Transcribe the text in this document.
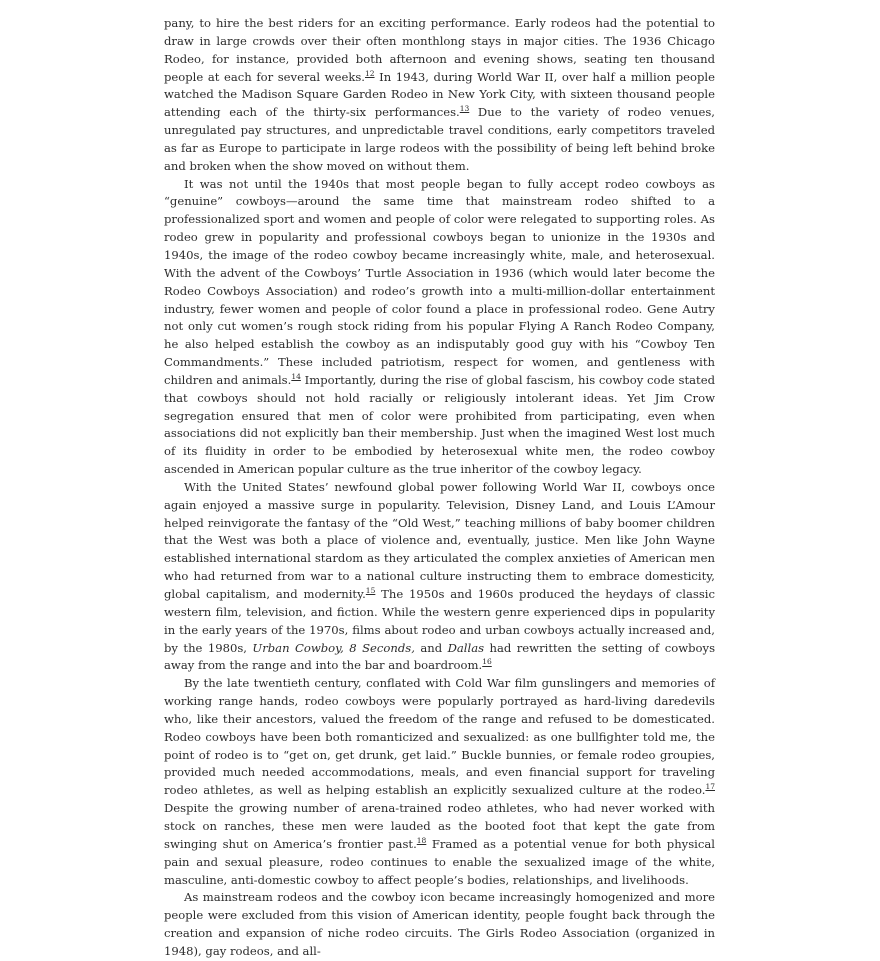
pany, to hire the best riders for an exciting performance. Early rodeos had the potential to draw in large crowds over their often monthlong stays in major cities. The 1936 Chicago Rodeo, for instance, provided both afternoon and evening shows, seating ten thousand people at each for several weeks.$^{12}$ In 1943, during World War II, over half a million people watched the Madison Square Garden Rodeo in New York City, with sixteen thousand people attending each of the thirty-six performances.$^{13}$ Due to the variety of rodeo venues, unregulated pay structures, and unpredictable travel conditions, early competitors traveled as far as Europe to participate in large rodeos with the possibility of being left behind broke and broken when the show moved on without them.

It was not until the 1940s that most people began to fully accept rodeo cowboys as “genuine” cowboys—around the same time that mainstream rodeo shifted to a professionalized sport and women and people of color were relegated to supporting roles. As rodeo grew in popularity and professional cowboys began to unionize in the 1930s and 1940s, the image of the rodeo cowboy became increasingly white, male, and heterosexual. With the advent of the Cowboys’ Turtle Association in 1936 (which would later become the Rodeo Cowboys Association) and rodeo’s growth into a multi-million-dollar entertainment industry, fewer women and people of color found a place in professional rodeo. Gene Autry not only cut women’s rough stock riding from his popular Flying A Ranch Rodeo Company, he also helped establish the cowboy as an indisputably good guy with his “Cowboy Ten Commandments.” These included patriotism, respect for women, and gentleness with children and animals.$^{14}$ Importantly, during the rise of global fascism, his cowboy code stated that cowboys should not hold racially or religiously intolerant ideas. Yet Jim Crow segregation ensured that men of color were prohibited from participating, even when associations did not explicitly ban their membership. Just when the imagined West lost much of its fluidity in order to be embodied by heterosexual white men, the rodeo cowboy ascended in American popular culture as the true inheritor of the cowboy legacy.

With the United States’ newfound global power following World War II, cowboys once again enjoyed a massive surge in popularity. Television, Disney Land, and Louis L’Amour helped reinvigorate the fantasy of the “Old West,” teaching millions of baby boomer children that the West was both a place of violence and, eventually, justice. Men like John Wayne established international stardom as they articulated the complex anxieties of American men who had returned from war to a national culture instructing them to embrace domesticity, global capitalism, and modernity.$^{15}$ The 1950s and 1960s produced the heydays of classic western film, television, and fiction. While the western genre experienced dips in popularity in the early years of the 1970s, films about rodeo and urban cowboys actually increased and, by the 1980s, Urban Cowboy, 8 Seconds, and Dallas had rewritten the setting of cowboys away from the range and into the bar and boardroom.$^{16}$

By the late twentieth century, conflated with Cold War film gunslingers and memories of working range hands, rodeo cowboys were popularly portrayed as hard-living daredevils who, like their ancestors, valued the freedom of the range and refused to be domesticated. Rodeo cowboys have been both romanticized and sexualized: as one bullfighter told me, the point of rodeo is to “get on, get drunk, get laid.” Buckle bunnies, or female rodeo groupies, provided much needed accommodations, meals, and even financial support for traveling rodeo athletes, as well as helping establish an explicitly sexualized culture at the rodeo.$^{17}$ Despite the growing number of arena-trained rodeo athletes, who had never worked with stock on ranches, these men were lauded as the booted foot that kept the gate from swinging shut on America’s frontier past.$^{18}$ Framed as a potential venue for both physical pain and sexual pleasure, rodeo continues to enable the sexualized image of the white, masculine, anti-domestic cowboy to affect people’s bodies, relationships, and livelihoods.

As mainstream rodeos and the cowboy icon became increasingly homogenized and more people were excluded from this vision of American identity, people fought back through the creation and expansion of niche rodeo circuits. The Girls Rodeo Association (organized in 1948), gay rodeos, and all-
